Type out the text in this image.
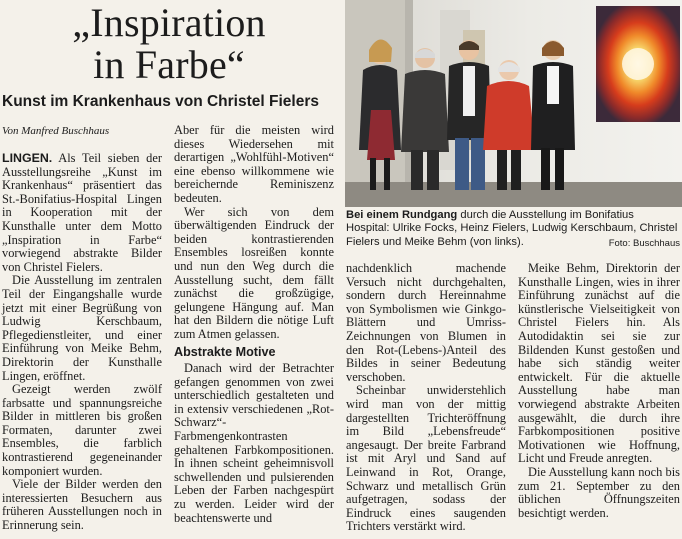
„Inspiration
in Farbe“
Kunst im Krankenhaus von Christel Fielers
Von Manfred Buschhaus

LINGEN. Als Teil sieben der Ausstellungsreihe „Kunst im Krankenhaus“ präsentiert das St.-Bonifatius-Hospital Lingen in Kooperation mit der Kunsthalle unter dem Motto „Inspiration in Farbe“ vorwiegend abstrakte Bilder von Christel Fielers.

Die Ausstellung im zentralen Teil der Eingangshalle wurde jetzt mit einer Begrüßung von Ludwig Kerschbaum, Pflegedienstleiter, und einer Einführung von Meike Behm, Direktorin der Kunsthalle Lingen, eröffnet.

Gezeigt werden zwölf farbsatte und spannungsreiche Bilder in mittleren bis großen Formaten, darunter zwei Ensembles, die farblich kontrastierend gegeneinander komponiert wurden.

Viele der Bilder werden den interessierten Besuchern aus früheren Ausstellungen noch in Erinnerung sein.

Aber für die meisten wird dieses Wiedersehen mit derartigen „Wohlfühl-Motiven“ eine ebenso willkommene wie bereichernde Reminiszenz bedeuten.

Wer sich von dem überwältigenden Eindruck der beiden kontrastierenden Ensembles losreißen konnte und nun den Weg durch die Ausstellung sucht, dem fällt zunächst die großzügige, gelungene Hängung auf. Man hat den Bildern die nötige Luft zum Atmen gelassen.

Abstrakte Motive

Danach wird der Betrachter gefangen genommen von zwei unterschiedlich gestalteten und in extensiv verschiedenen „Rot-Schwarz“-Farbmengenkontrasten gehaltenen Farbkompositionen. In ihnen scheint geheimnisvoll schwellenden und pulsierenden Leben der Farben nachgespürt zu werden. Leider wird der beachtenswerte und

Bei einem Rundgang durch die Ausstellung im Bonifatius Hospital: Ulrike Focks, Heinz Fielers, Ludwig Kerschbaum, Christel Fielers und Meike Behm (von links).	Foto: Buschhaus

nachdenklich machende Versuch nicht durchgehalten, sondern durch Hereinnahme von Symbolismen wie Ginkgo-Blättern und Umriss-Zeichnungen von Blumen in den Rot-(Lebens-)Anteil des Bildes in seiner Bedeutung verschoben.

Scheinbar unwiderstehlich wird man von der mittig dargestellten Trichteröffnung im Bild „Lebensfreude“ angesaugt. Der breite Farbrand ist mit Aryl und Sand auf Leinwand in Rot, Orange, Schwarz und metallisch Grün aufgetragen, sodass der Eindruck eines saugenden Trichters verstärkt wird.

Meike Behm, Direktorin der Kunsthalle Lingen, wies in ihrer Einführung zunächst auf die künstlerische Vielseitigkeit von Christel Fielers hin. Als Autodidaktin sei sie zur Bildenden Kunst gestoßen und habe sich ständig weiter entwickelt. Für die aktuelle Ausstellung habe man vorwiegend abstrakte Arbeiten ausgewählt, die durch ihre Farbkompositionen positive Motivationen wie Hoffnung, Licht und Freude anregten.

Die Ausstellung kann noch bis zum 21. September zu den üblichen Öffnungszeiten besichtigt werden.
